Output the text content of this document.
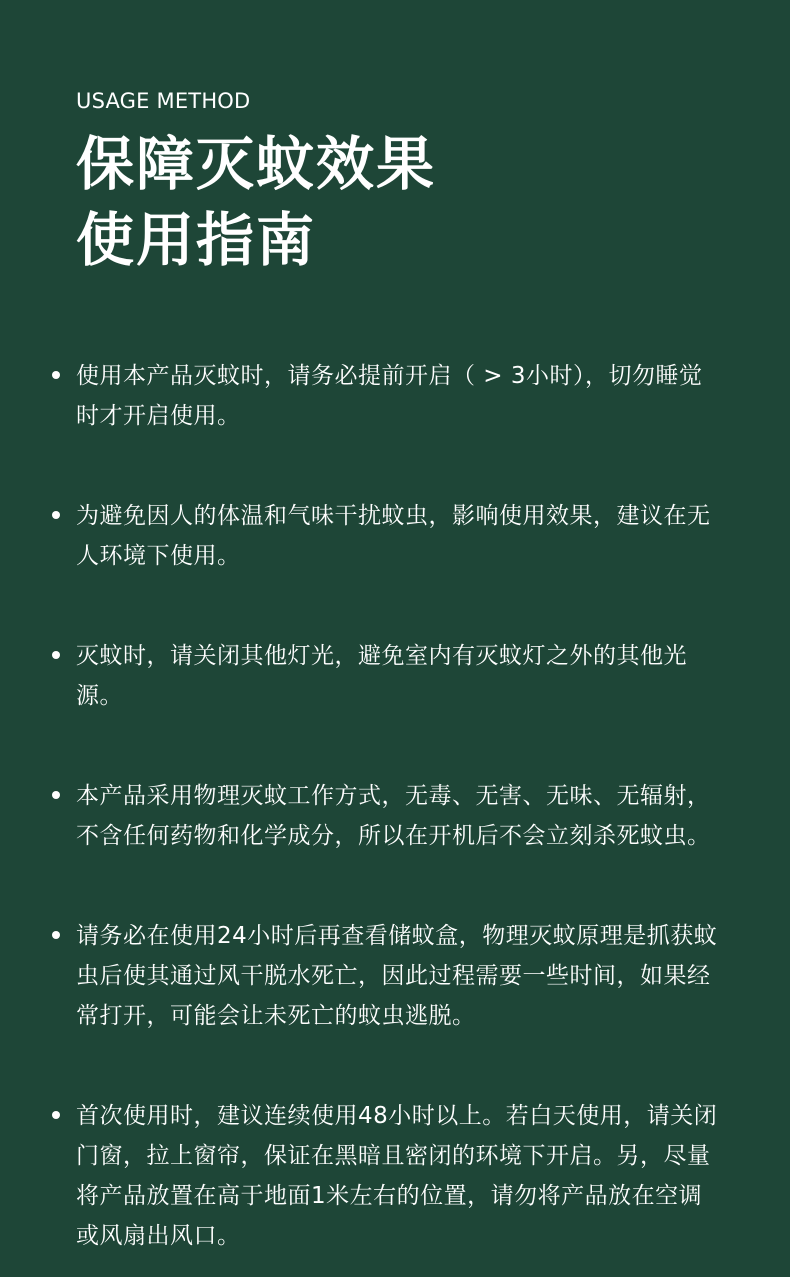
USAGE METHOD

保障灭蚊效果
使用指南
使用本产品灭蚊时，请务必提前开启（ > 3小时），切勿睡觉时才开启使用。
为避免因人的体温和气味干扰蚊虫，影响使用效果，建议在无人环境下使用。
灭蚊时，请关闭其他灯光，避免室内有灭蚊灯之外的其他光源。
本产品采用物理灭蚊工作方式，无毒、无害、无味、无辐射，不含任何药物和化学成分，所以在开机后不会立刻杀死蚊虫。
请务必在使用24小时后再查看储蚊盒，物理灭蚊原理是抓获蚊虫后使其通过风干脱水死亡，因此过程需要一些时间，如果经常打开，可能会让未死亡的蚊虫逃脱。
首次使用时，建议连续使用48小时以上。若白天使用，请关闭门窗，拉上窗帘，保证在黑暗且密闭的环境下开启。另，尽量将产品放置在高于地面1米左右的位置，请勿将产品放在空调或风扇出风口。
